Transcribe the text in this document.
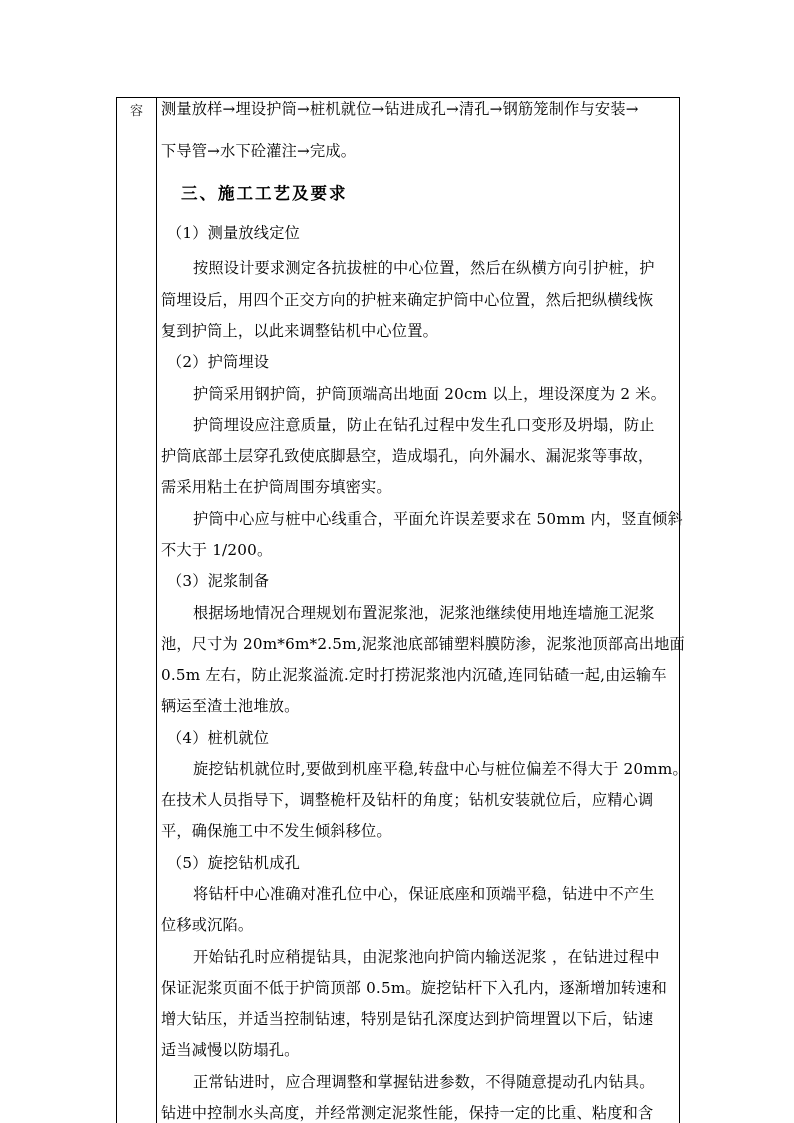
容 测量放样→埋设护筒→桩机就位→钻进成孔→清孔→钢筋笼制作与安装→
下导管→水下砼灌注→完成。
三、施工工艺及要求
（1）测量放线定位
按照设计要求测定各抗拔桩的中心位置，然后在纵横方向引护桩，护
筒埋设后，用四个正交方向的护桩来确定护筒中心位置，然后把纵横线恢
复到护筒上，以此来调整钻机中心位置。
（2）护筒埋设
护筒采用钢护筒，护筒顶端高出地面 20cm 以上，埋设深度为 2 米。
护筒埋设应注意质量，防止在钻孔过程中发生孔口变形及坍塌，防止
护筒底部土层穿孔致使底脚悬空，造成塌孔，向外漏水、漏泥浆等事故，
需采用粘土在护筒周围夯填密实。
护筒中心应与桩中心线重合，平面允许误差要求在 50mm 内，竖直倾斜
不大于 1/200。
（3）泥浆制备
根据场地情况合理规划布置泥浆池，泥浆池继续使用地连墙施工泥浆
池，尺寸为 20m*6m*2.5m,泥浆池底部铺塑料膜防渗，泥浆池顶部高出地面
0.5m 左右，防止泥浆溢流.定时打捞泥浆池内沉碴,连同钻碴一起,由运输车
辆运至渣土池堆放。
（4）桩机就位
旋挖钻机就位时,要做到机座平稳,转盘中心与桩位偏差不得大于 20mm。
在技术人员指导下，调整桅杆及钻杆的角度；钻机安装就位后，应精心调
平，确保施工中不发生倾斜移位。
（5）旋挖钻机成孔
将钻杆中心准确对准孔位中心，保证底座和顶端平稳，钻进中不产生
位移或沉陷。
开始钻孔时应稍提钻具，由泥浆池向护筒内输送泥浆 ，在钻进过程中
保证泥浆页面不低于护筒顶部 0.5m。旋挖钻杆下入孔内，逐渐增加转速和
增大钻压，并适当控制钻速，特别是钻孔深度达到护筒埋置以下后，钻速
适当减慢以防塌孔。
正常钻进时，应合理调整和掌握钻进参数，不得随意提动孔内钻具。
钻进中控制水头高度，并经常测定泥浆性能，保持一定的比重、粘度和含
